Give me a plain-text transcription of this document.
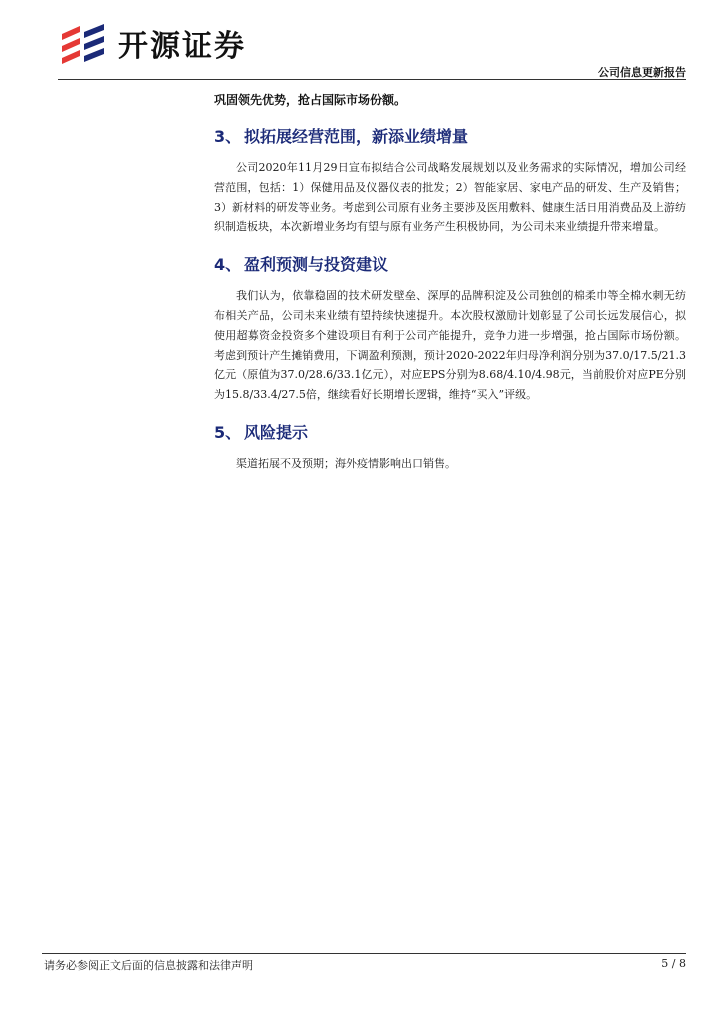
开源证券
公司信息更新报告

巩固领先优势，抢占国际市场份额。

3、 拟拓展经营范围，新添业绩增量

公司2020年11月29日宣布拟结合公司战略发展规划以及业务需求的实际情况，增加公司经营范围，包括：1）保健用品及仪器仪表的批发；2）智能家居、家电产品的研发、生产及销售；3）新材料的研发等业务。考虑到公司原有业务主要涉及医用敷料、健康生活日用消费品及上游纺织制造板块，本次新增业务均有望与原有业务产生积极协同，为公司未来业绩提升带来增量。

4、 盈利预测与投资建议

我们认为，依靠稳固的技术研发壁垒、深厚的品牌积淀及公司独创的棉柔巾等全棉水刺无纺布相关产品，公司未来业绩有望持续快速提升。本次股权激励计划彰显了公司长远发展信心，拟使用超募资金投资多个建设项目有利于公司产能提升，竞争力进一步增强，抢占国际市场份额。考虑到预计产生摊销费用，下调盈利预测，预计2020-2022年归母净利润分别为37.0/17.5/21.3亿元（原值为37.0/28.6/33.1亿元），对应EPS分别为8.68/4.10/4.98元，当前股价对应PE分别为15.8/33.4/27.5倍，继续看好长期增长逻辑，维持“买入”评级。

5、 风险提示

渠道拓展不及预期；海外疫情影响出口销售。

请务必参阅正文后面的信息披露和法律声明	5 / 8
